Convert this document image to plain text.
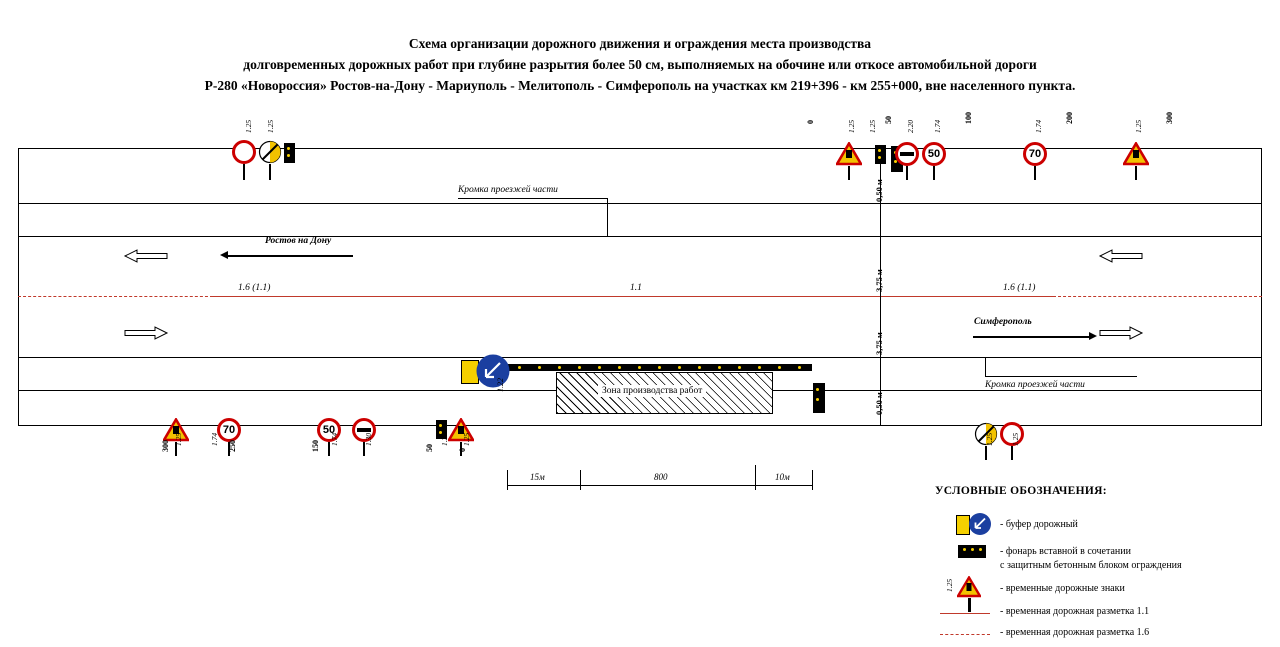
Схема организации дорожного движения и ограждения места производства
долговременных дорожных работ при глубине разрытия более 50 см, выполняемых на обочине или откосе автомобильной дороги
Р-280 «Новороссия» Ростов-на-Дону - Мариуполь - Мелитополь - Симферополь на участках км 219+396 - км 255+000, вне населенного пункта.
1.6 (1.1)	1.1	1.6 (1.1)
Кромка проезжей части
Кромка проезжей части
Ростов на Дону
Симферополь
0,50 м
3,75 м
3,75 м
0,50 м
Зона производства работ
1.22
15м	800	10м
1.25 1.25
50	70
0	50	100	200	300
1.25 1.25	2.20 1.74	1.74	1.25
70	50
1.25
300	1.74 250	1.74
150	1.30	1.25
50
1.25
0
1.25 1.25
УСЛОВНЫЕ ОБОЗНАЧЕНИЯ:
- буфер дорожный
- фонарь вставной в сочетании
с защитным бетонным блоком ограждения
1.25	- временные дорожные знаки
- временная дорожная разметка 1.1
- временная дорожная разметка 1.6
